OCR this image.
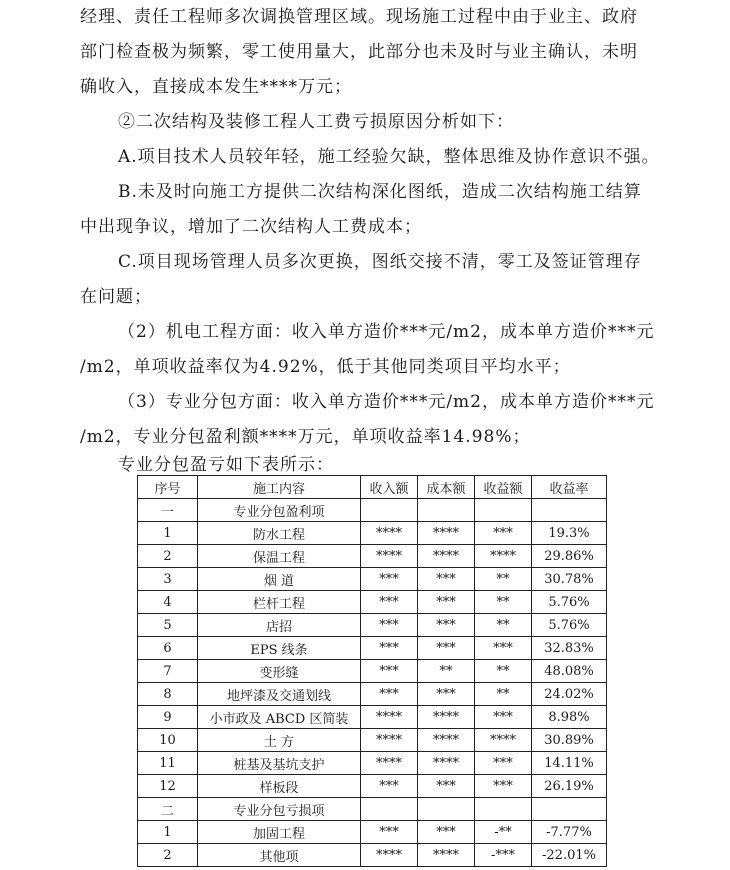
经理、责任工程师多次调换管理区域。现场施工过程中由于业主、政府
部门检查极为频繁，零工使用量大，此部分也未及时与业主确认，未明
确收入，直接成本发生****万元；
②二次结构及装修工程人工费亏损原因分析如下：
A.项目技术人员较年轻，施工经验欠缺，整体思维及协作意识不强。
B.未及时向施工方提供二次结构深化图纸，造成二次结构施工结算
中出现争议，增加了二次结构人工费成本；
C.项目现场管理人员多次更换，图纸交接不清，零工及签证管理存
在问题；
（2）机电工程方面：收入单方造价***元/m2，成本单方造价***元
/m2，单项收益率仅为4.92%，低于其他同类项目平均水平；
（3）专业分包方面：收入单方造价***元/m2，成本单方造价***元
/m2，专业分包盈利额****万元，单项收益率14.98%；
专业分包盈亏如下表所示：
序号	施工内容	收入额	成本额	收益额	收益率
一	专业分包盈利项				
1	防水工程	****	****	***	19.3%
2	保温工程	****	****	****	29.86%
3	烟 道	***	***	**	30.78%
4	栏杆工程	***	***	**	5.76%
5	店招	***	***	**	5.76%
6	EPS 线条	***	***	***	32.83%
7	变形缝	***	**	**	48.08%
8	地坪漆及交通划线	***	***	**	24.02%
9	小市政及 ABCD 区简装	****	****	***	8.98%
10	土 方	****	****	****	30.89%
11	桩基及基坑支护	****	****	***	14.11%
12	样板段	***	***	***	26.19%
二	专业分包亏损项				
1	加固工程	***	***	-**	-7.77%
2	其他项	****	****	-***	-22.01%
